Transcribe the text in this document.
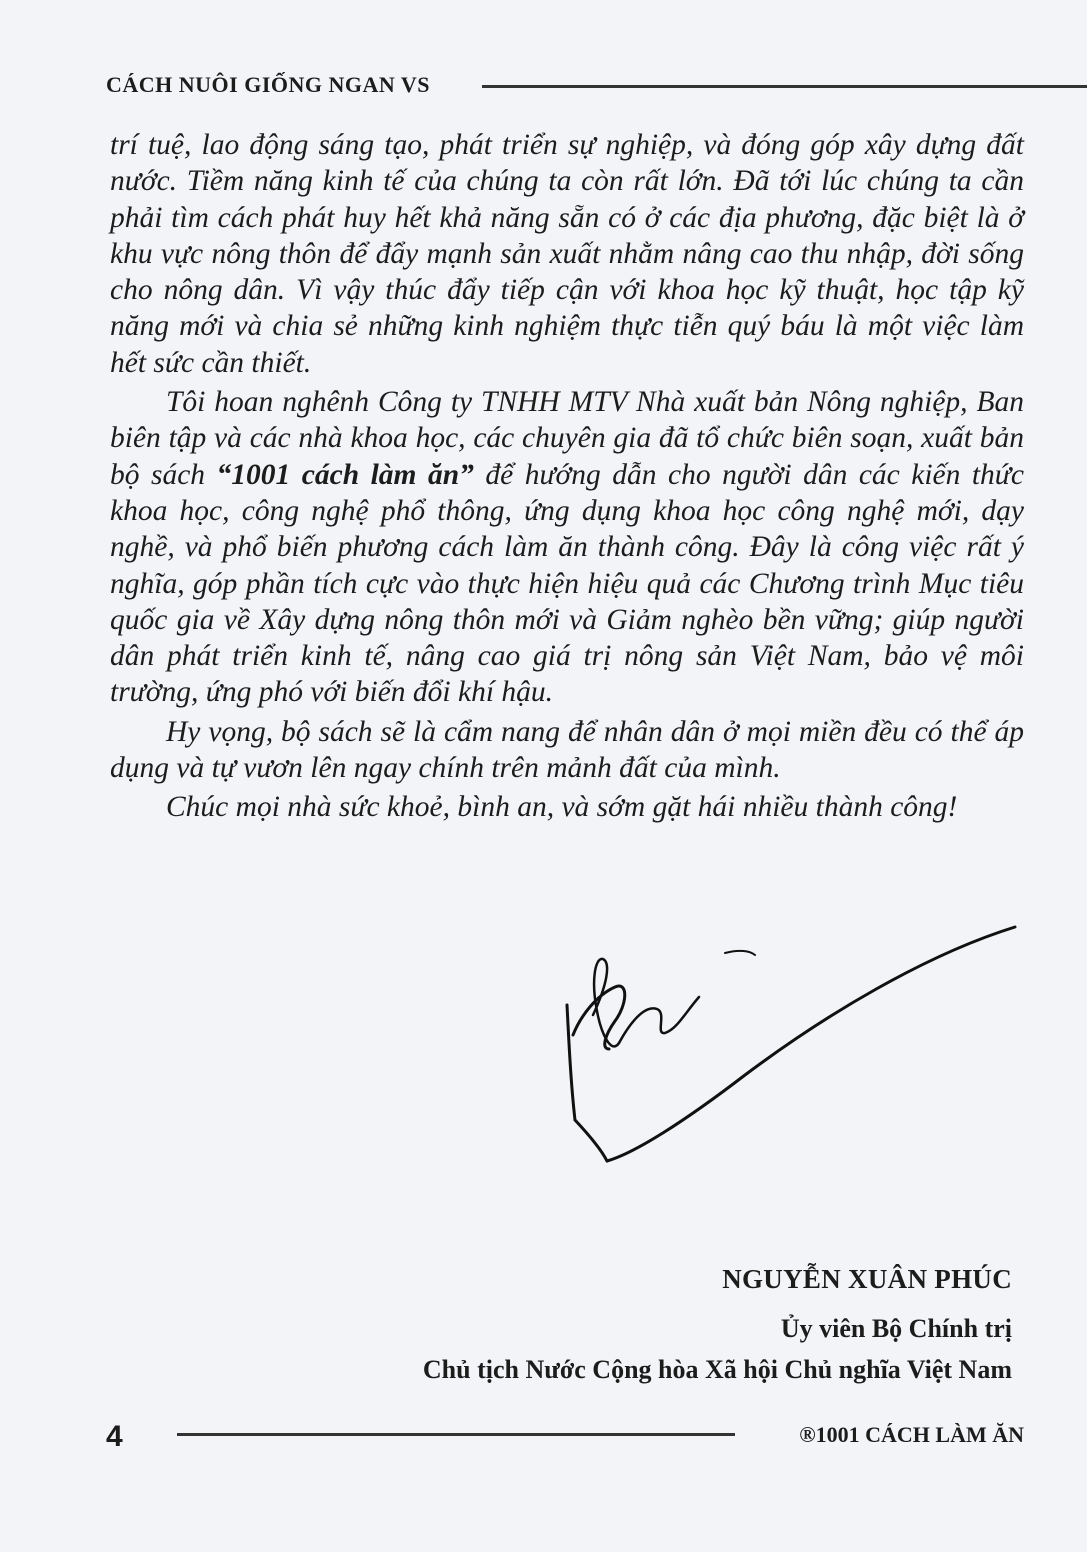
CÁCH NUÔI GIỐNG NGAN VS

trí tuệ, lao động sáng tạo, phát triển sự nghiệp, và đóng góp xây dựng đất nước. Tiềm năng kinh tế của chúng ta còn rất lớn. Đã tới lúc chúng ta cần phải tìm cách phát huy hết khả năng sẵn có ở các địa phương, đặc biệt là ở khu vực nông thôn để đẩy mạnh sản xuất nhằm nâng cao thu nhập, đời sống cho nông dân. Vì vậy thúc đẩy tiếp cận với khoa học kỹ thuật, học tập kỹ năng mới và chia sẻ những kinh nghiệm thực tiễn quý báu là một việc làm hết sức cần thiết.

Tôi hoan nghênh Công ty TNHH MTV Nhà xuất bản Nông nghiệp, Ban biên tập và các nhà khoa học, các chuyên gia đã tổ chức biên soạn, xuất bản bộ sách “1001 cách làm ăn” để hướng dẫn cho người dân các kiến thức khoa học, công nghệ phổ thông, ứng dụng khoa học công nghệ mới, dạy nghề, và phổ biến phương cách làm ăn thành công. Đây là công việc rất ý nghĩa, góp phần tích cực vào thực hiện hiệu quả các Chương trình Mục tiêu quốc gia về Xây dựng nông thôn mới và Giảm nghèo bền vững; giúp người dân phát triển kinh tế, nâng cao giá trị nông sản Việt Nam, bảo vệ môi trường, ứng phó với biến đổi khí hậu.

Hy vọng, bộ sách sẽ là cẩm nang để nhân dân ở mọi miền đều có thể áp dụng và tự vươn lên ngay chính trên mảnh đất của mình.

Chúc mọi nhà sức khoẻ, bình an, và sớm gặt hái nhiều thành công!

NGUYỄN XUÂN PHÚC
Ủy viên Bộ Chính trị
Chủ tịch Nước Cộng hòa Xã hội Chủ nghĩa Việt Nam
4	®1001 CÁCH LÀM ĂN
